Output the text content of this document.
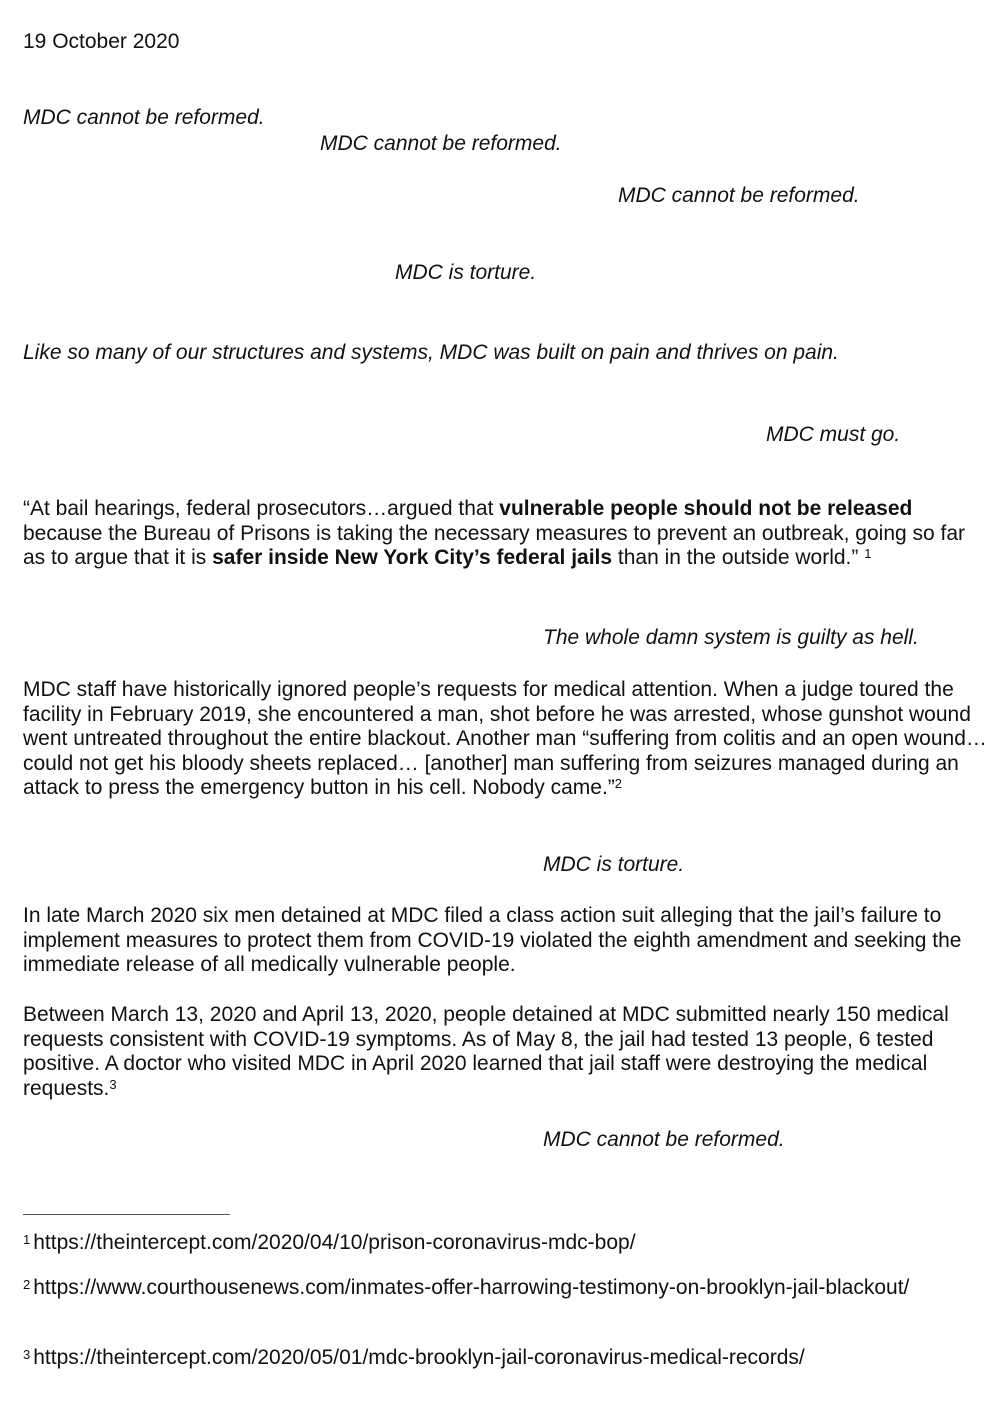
19 October 2020
MDC cannot be reformed.
MDC cannot be reformed.
MDC cannot be reformed.
MDC is torture.
Like so many of our structures and systems, MDC was built on pain and thrives on pain.
MDC must go.

“At bail hearings, federal prosecutors…argued that vulnerable people should not be released because the Bureau of Prisons is taking the necessary measures to prevent an outbreak, going so far as to argue that it is safer inside New York City’s federal jails than in the outside world.” $^1$

The whole damn system is guilty as hell.

MDC staff have historically ignored people’s requests for medical attention. When a judge toured the facility in February 2019, she encountered a man, shot before he was arrested, whose gunshot wound went untreated throughout the entire blackout. Another man “suffering from colitis and an open wound…could not get his bloody sheets replaced… [another] man suffering from seizures managed during an attack to press the emergency button in his cell. Nobody came.”$^2$

MDC is torture.

In late March 2020 six men detained at MDC filed a class action suit alleging that the jail’s failure to implement measures to protect them from COVID-19 violated the eighth amendment and seeking the immediate release of all medically vulnerable people.

Between March 13, 2020 and April 13, 2020, people detained at MDC submitted nearly 150 medical requests consistent with COVID-19 symptoms. As of May 8, the jail had tested 13 people, 6 tested positive. A doctor who visited MDC in April 2020 learned that jail staff were destroying the medical requests.$^3$

MDC cannot be reformed.

$^1$ https://theintercept.com/2020/04/10/prison-coronavirus-mdc-bop/

$^2$ https://www.courthousenews.com/inmates-offer-harrowing-testimony-on-brooklyn-jail-blackout/

$^3$ https://theintercept.com/2020/05/01/mdc-brooklyn-jail-coronavirus-medical-records/
